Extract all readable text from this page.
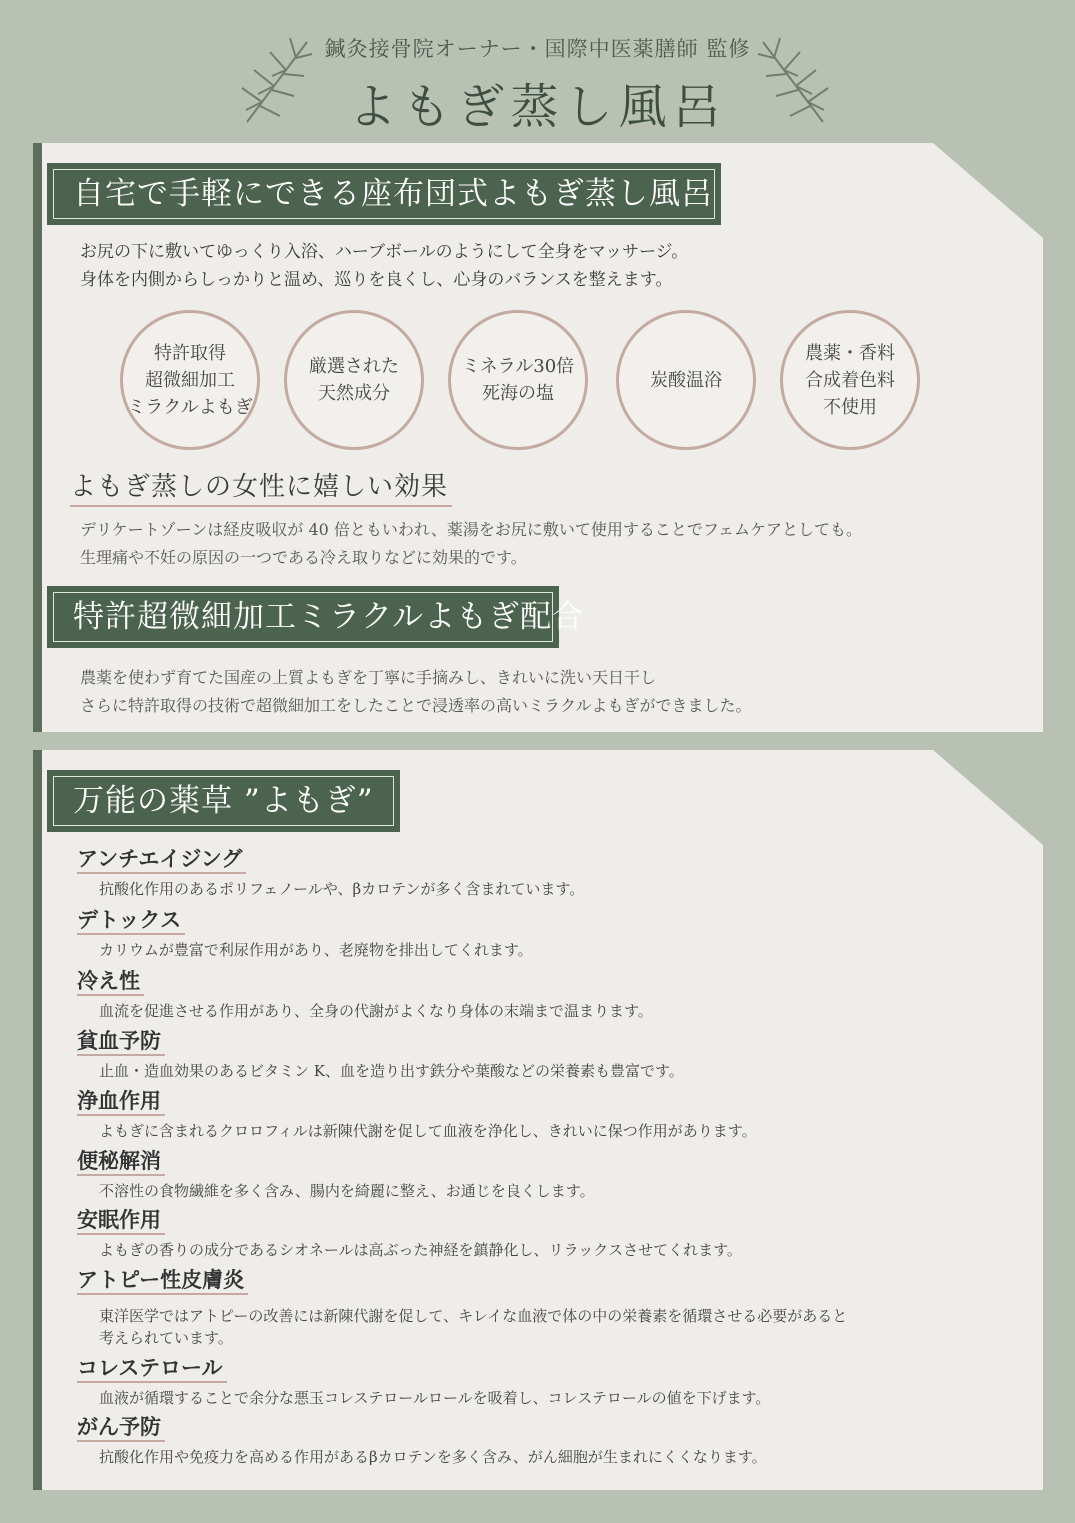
鍼灸接骨院オーナー・国際中医薬膳師 監修
よもぎ蒸し風呂
自宅で手軽にできる座布団式よもぎ蒸し風呂
お尻の下に敷いてゆっくり入浴、ハーブボールのようにして全身をマッサージ。
身体を内側からしっかりと温め、巡りを良くし、心身のバランスを整えます。
特許取得
超微細加工
ミラクルよもぎ
厳選された
天然成分
ミネラル30倍
死海の塩
炭酸温浴
農薬・香料
合成着色料
不使用
よもぎ蒸しの女性に嬉しい効果
デリケートゾーンは経皮吸収が 40 倍ともいわれ、薬湯をお尻に敷いて使用することでフェムケアとしても。
生理痛や不妊の原因の一つである冷え取りなどに効果的です。
特許超微細加工ミラクルよもぎ配合
農薬を使わず育てた国産の上質よもぎを丁寧に手摘みし、きれいに洗い天日干し
さらに特許取得の技術で超微細加工をしたことで浸透率の高いミラクルよもぎができました。
万能の薬草 ”よもぎ”
アンチエイジング
抗酸化作用のあるポリフェノールや、βカロテンが多く含まれています。
デトックス
カリウムが豊富で利尿作用があり、老廃物を排出してくれます。
冷え性
血流を促進させる作用があり、全身の代謝がよくなり身体の末端まで温まります。
貧血予防
止血・造血効果のあるビタミン K、血を造り出す鉄分や葉酸などの栄養素も豊富です。
浄血作用
よもぎに含まれるクロロフィルは新陳代謝を促して血液を浄化し、きれいに保つ作用があります。
便秘解消
不溶性の食物繊維を多く含み、腸内を綺麗に整え、お通じを良くします。
安眠作用
よもぎの香りの成分であるシオネールは高ぶった神経を鎮静化し、リラックスさせてくれます。
アトピー性皮膚炎
東洋医学ではアトピーの改善には新陳代謝を促して、キレイな血液で体の中の栄養素を循環させる必要があると
考えられています。
コレステロール
血液が循環することで余分な悪玉コレステロールロールを吸着し、コレステロールの値を下げます。
がん予防
抗酸化作用や免疫力を高める作用があるβカロテンを多く含み、がん細胞が生まれにくくなります。
